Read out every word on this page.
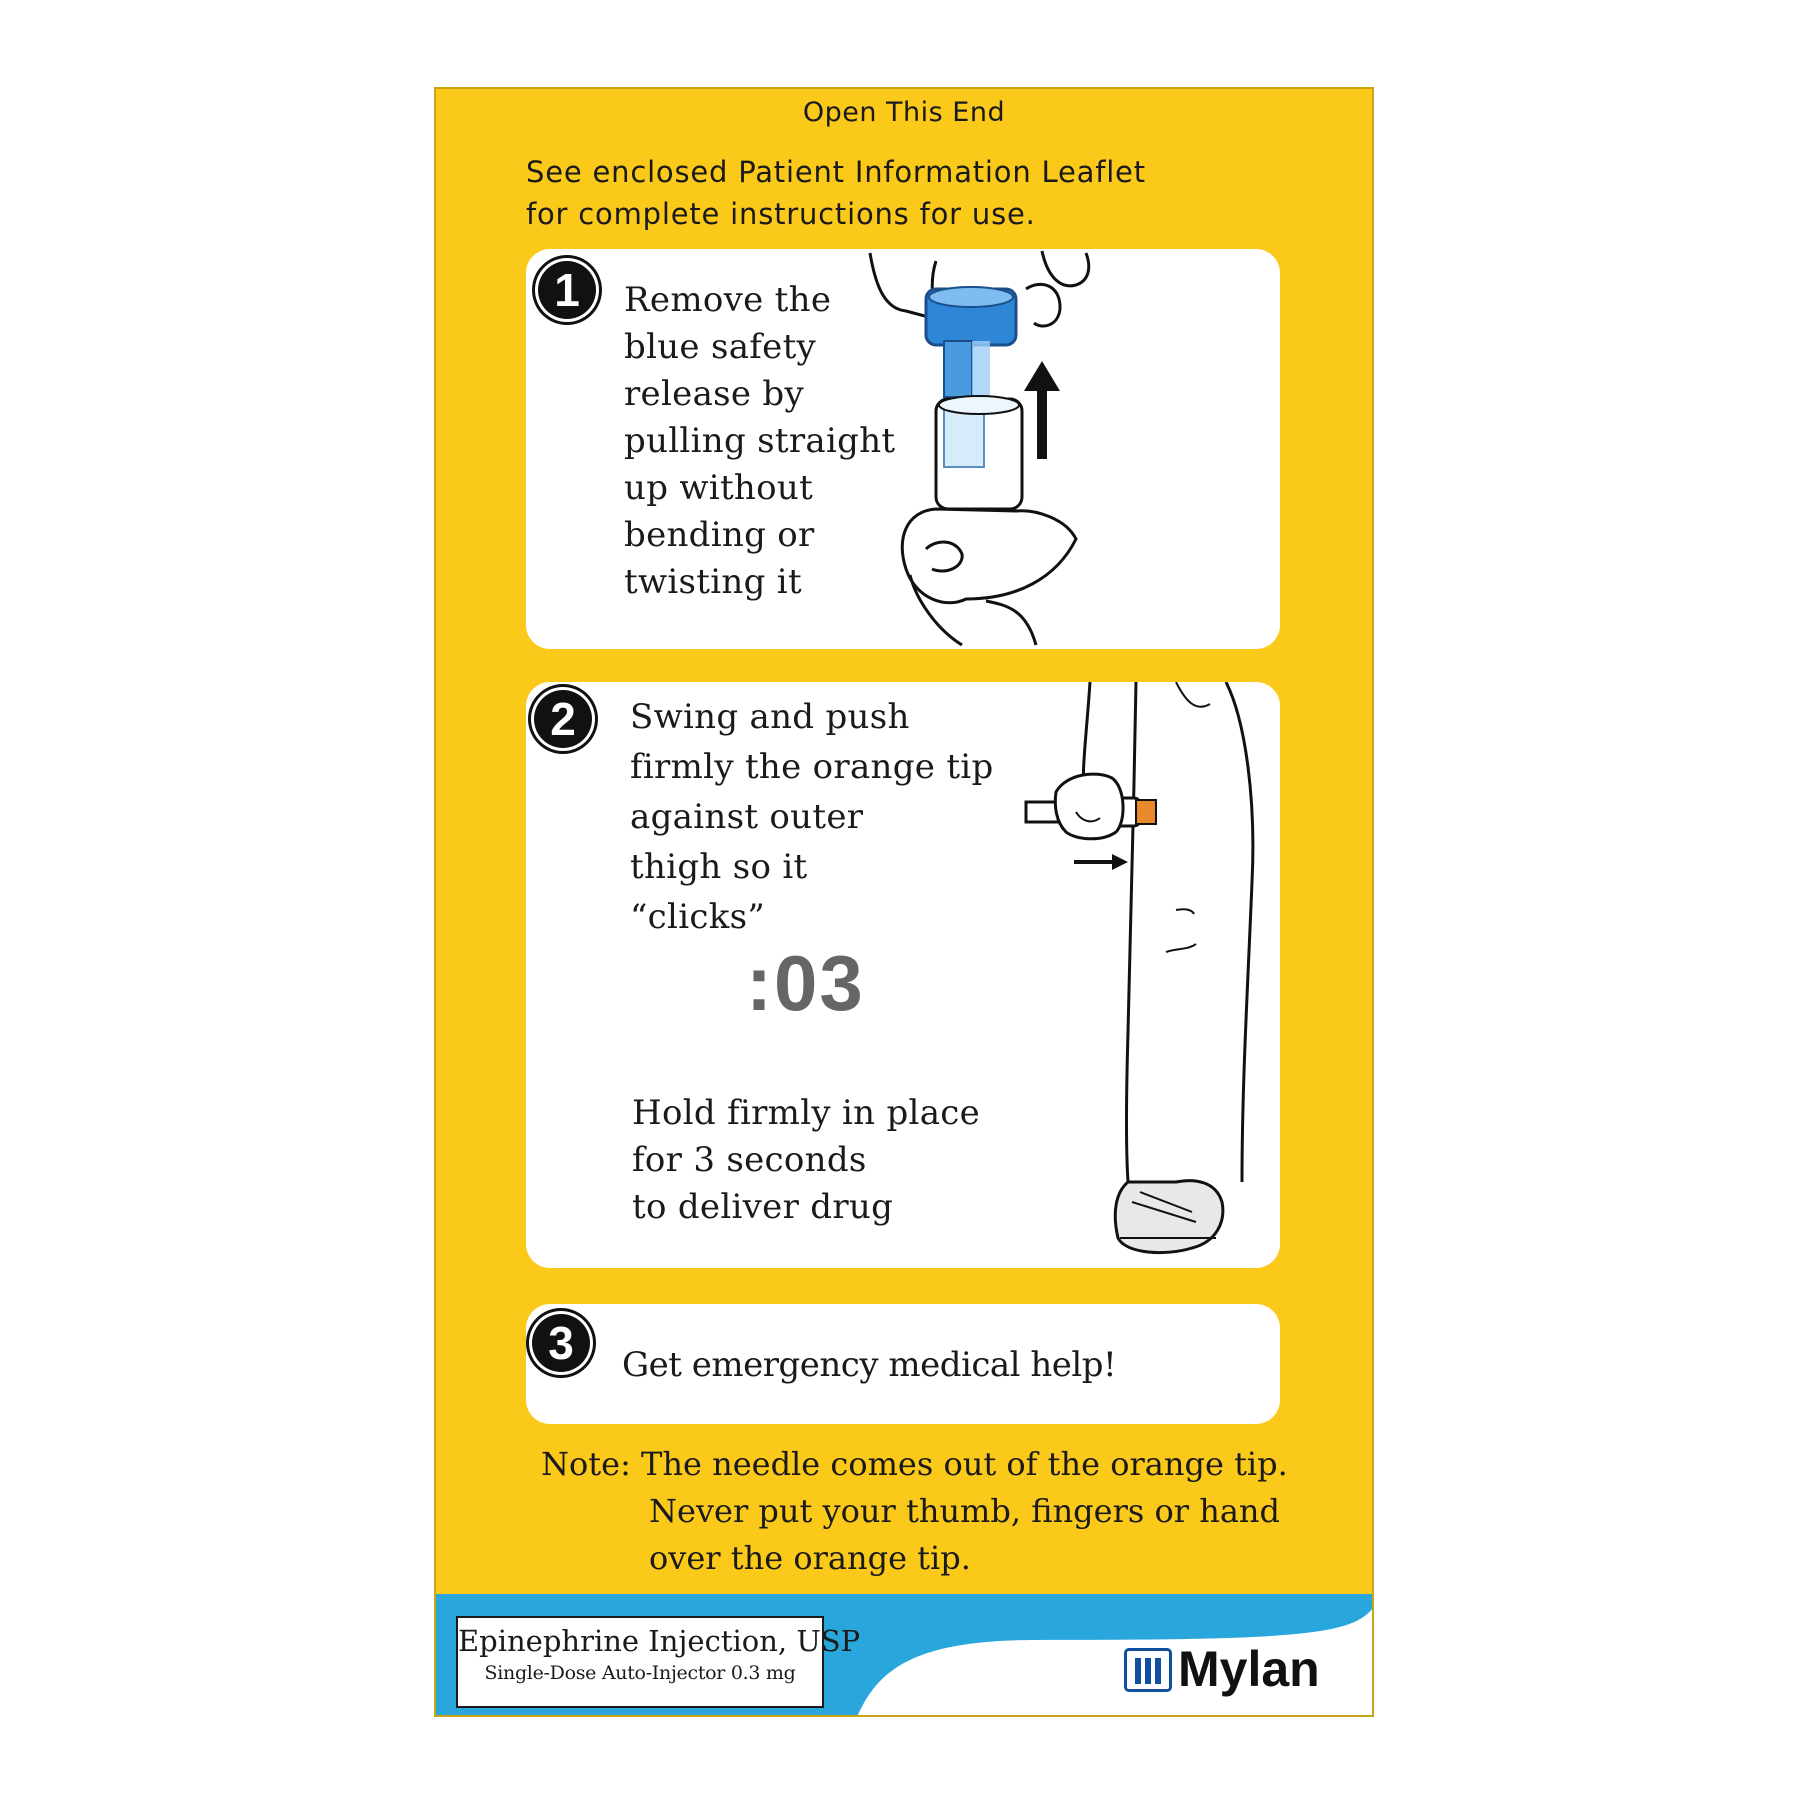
Open This End
See enclosed Patient Information Leaflet
for complete instructions for use.
1	Remove the
blue safety
release by
pulling straight
up without
bending or
twisting it
2	Swing and push
firmly the orange tip
against outer
thigh so it
“clicks”
:03
Hold firmly in place
for 3 seconds
to deliver drug
3	Get emergency medical help!
Note: The needle comes out of the orange tip.
Never put your thumb, fingers or hand
over the orange tip.
Epinephrine Injection, USP
Single-Dose Auto-Injector 0.3 mg	Mylan
